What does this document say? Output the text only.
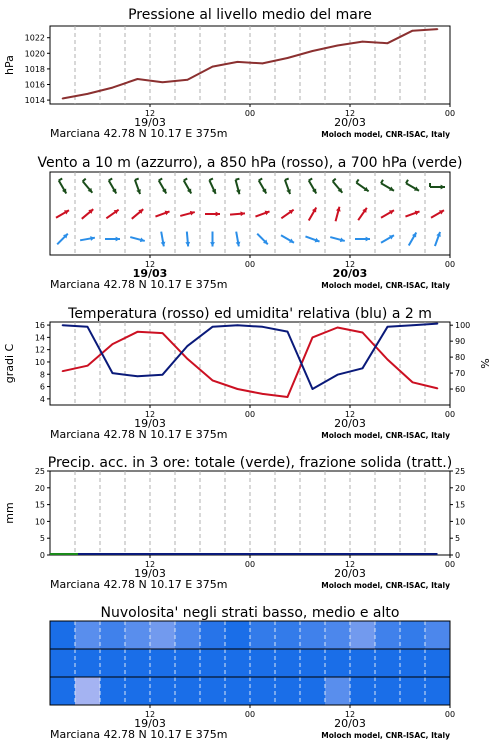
Pressione al livello medio del mare
1014
1016
1018
1020
1022
hPa
12	00	12	00
19/03	20/03
Marciana 42.78 N 10.17 E 375m	Moloch model, CNR-ISAC, Italy
Vento a 10 m (azzurro), a 850 hPa (rosso), a 700 hPa (verde)
12	00	12	00
19/03	20/03
Marciana 42.78 N 10.17 E 375m	Moloch model, CNR-ISAC, Italy
Temperatura (rosso) ed umidita' relativa (blu) a 2 m
4
6
8
10
12
14
16
60
70
80
90
100
gradi C	%
12	00	12	00
19/03	20/03
Marciana 42.78 N 10.17 E 375m	Moloch model, CNR-ISAC, Italy
Precip. acc. in 3 ore: totale (verde), frazione solida (tratt.)
0
5
10
15
20
25
0
5
10
15
20
25
mm
12	00	12	00
19/03	20/03
Marciana 42.78 N 10.17 E 375m	Moloch model, CNR-ISAC, Italy
Nuvolosita' negli strati basso, medio e alto
12	00	12	00
19/03	20/03
Marciana 42.78 N 10.17 E 375m	Moloch model, CNR-ISAC, Italy
